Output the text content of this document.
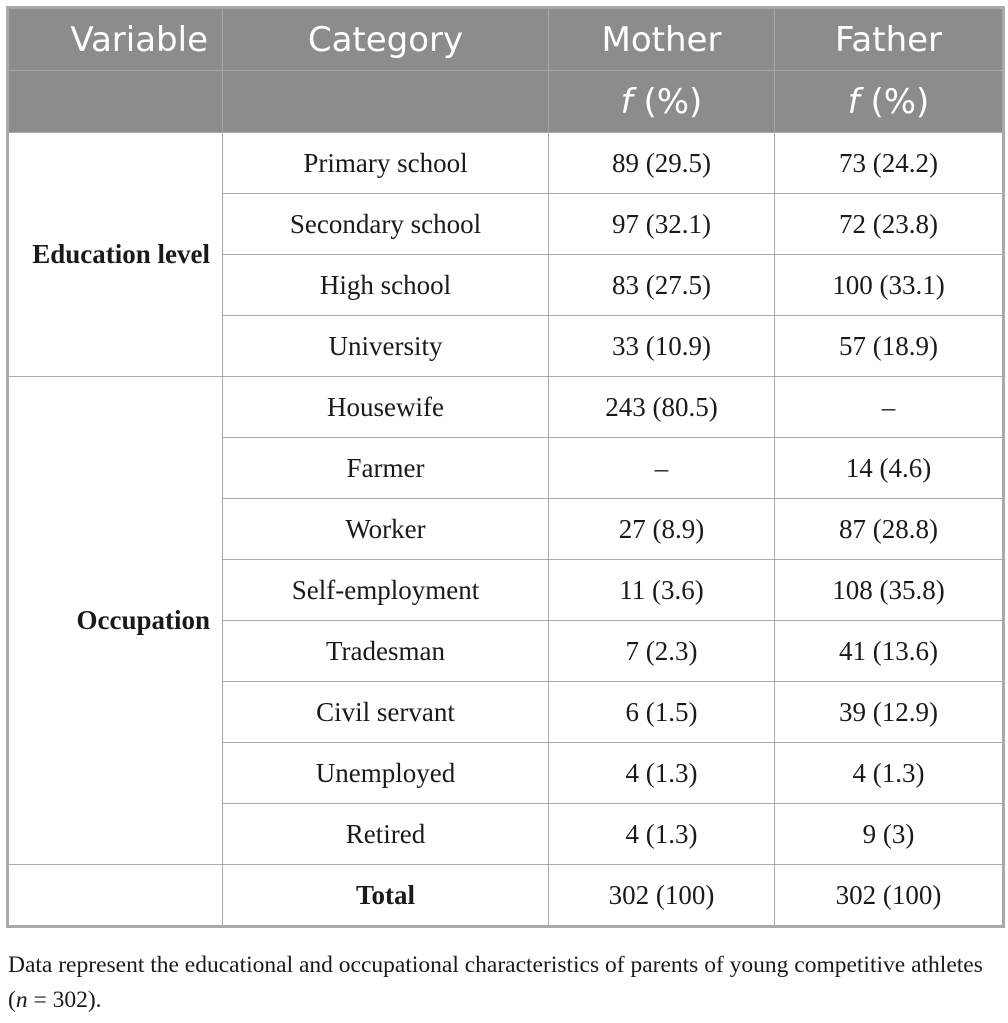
Variable	Category	Mother	Father
		f (%)	f (%)
Education level	Primary school	89 (29.5)	73 (24.2)
	Secondary school	97 (32.1)	72 (23.8)
	High school	83 (27.5)	100 (33.1)
	University	33 (10.9)	57 (18.9)
Occupation	Housewife	243 (80.5)	–
	Farmer	–	14 (4.6)
	Worker	27 (8.9)	87 (28.8)
	Self-employment	11 (3.6)	108 (35.8)
	Tradesman	7 (2.3)	41 (13.6)
	Civil servant	6 (1.5)	39 (12.9)
	Unemployed	4 (1.3)	4 (1.3)
	Retired	4 (1.3)	9 (3)
	Total	302 (100)	302 (100)
Data represent the educational and occupational characteristics of parents of young competitive athletes (n = 302).
